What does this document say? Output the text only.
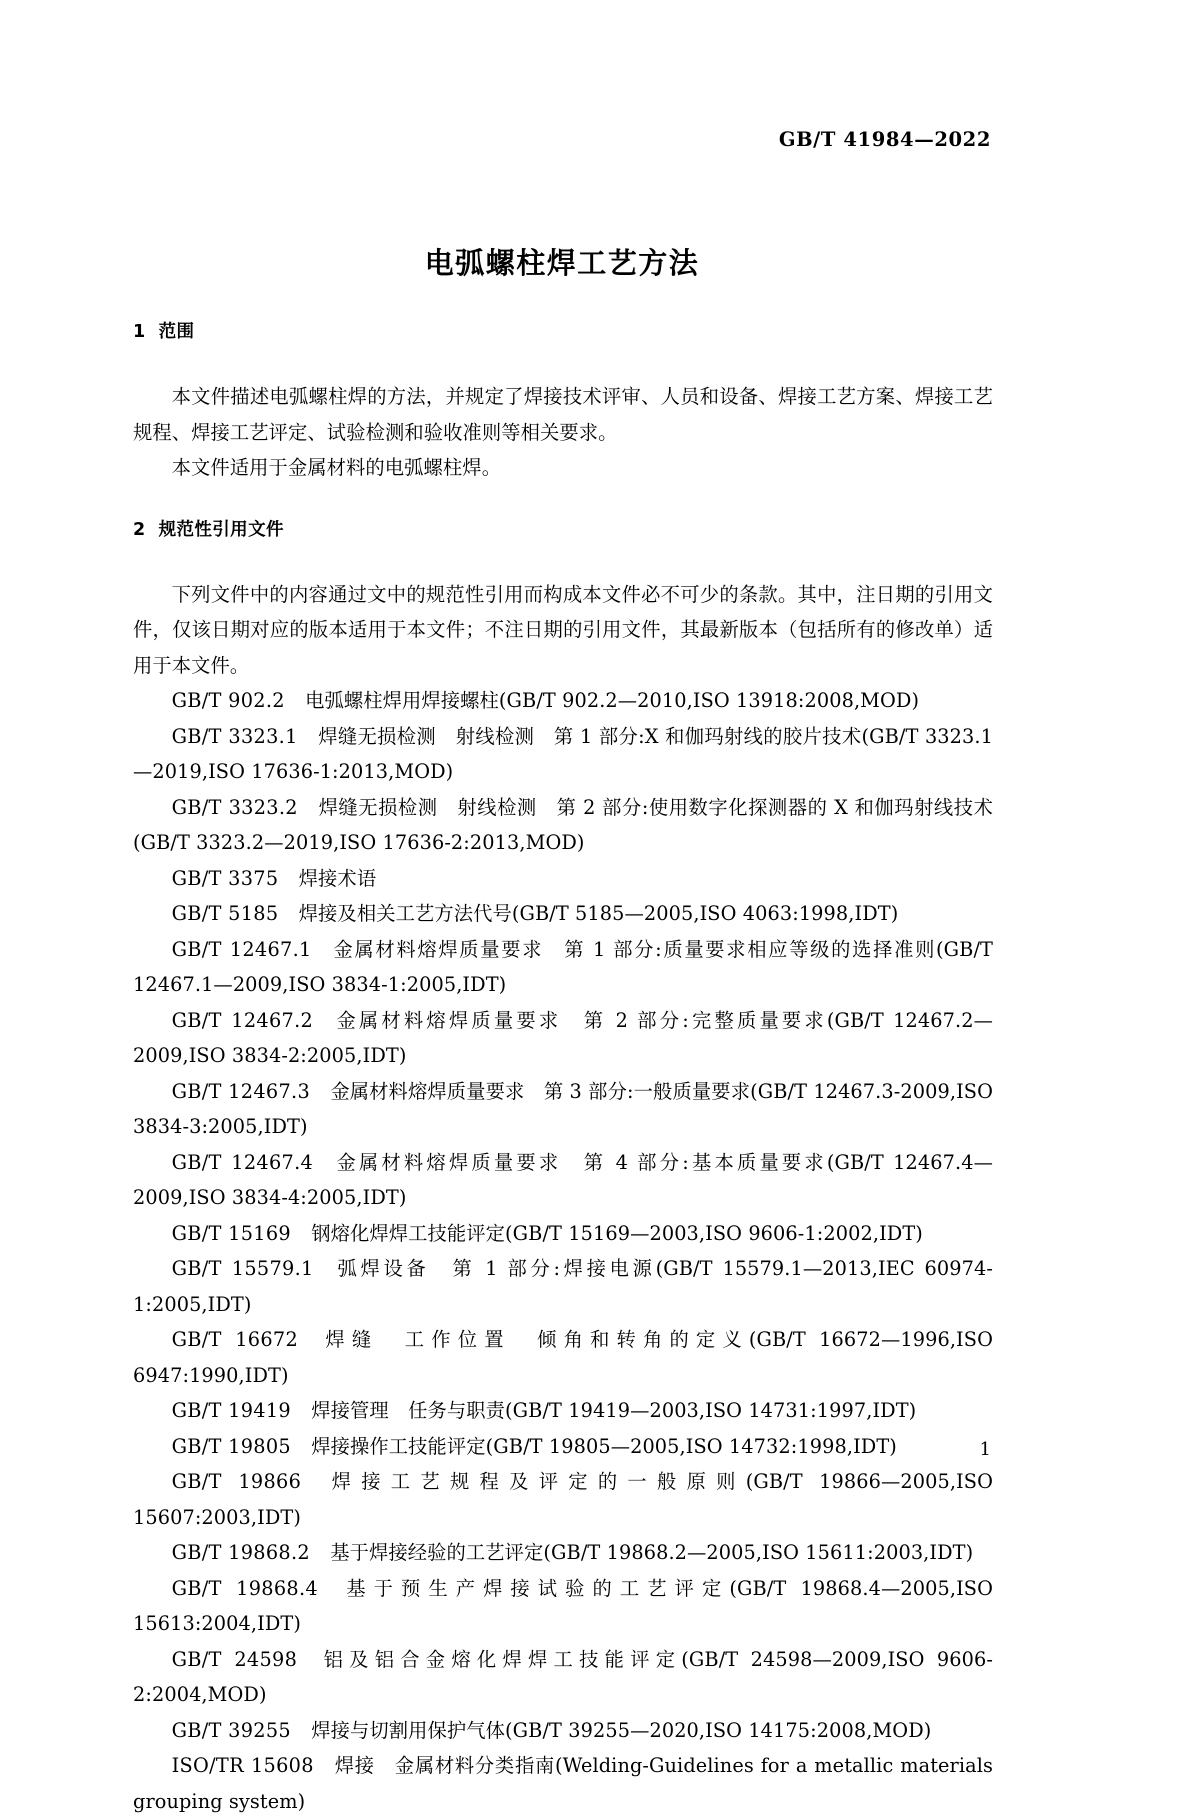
GB/T 41984—2022
电弧螺柱焊工艺方法
1 范围

本文件描述电弧螺柱焊的方法，并规定了焊接技术评审、人员和设备、焊接工艺方案、焊接工艺规程、焊接工艺评定、试验检测和验收准则等相关要求。

本文件适用于金属材料的电弧螺柱焊。

2 规范性引用文件

下列文件中的内容通过文中的规范性引用而构成本文件必不可少的条款。其中，注日期的引用文件，仅该日期对应的版本适用于本文件；不注日期的引用文件，其最新版本（包括所有的修改单）适用于本文件。

GB/T 902.2 电弧螺柱焊用焊接螺柱(GB/T 902.2—2010,ISO 13918:2008,MOD)

GB/T 3323.1 焊缝无损检测　射线检测　第 1 部分:X 和伽玛射线的胶片技术(GB/T 3323.1—2019,ISO 17636-1:2013,MOD)

GB/T 3323.2 焊缝无损检测　射线检测　第 2 部分:使用数字化探测器的 X 和伽玛射线技术(GB/T 3323.2—2019,ISO 17636-2:2013,MOD)

GB/T 3375 焊接术语

GB/T 5185 焊接及相关工艺方法代号(GB/T 5185—2005,ISO 4063:1998,IDT)

GB/T 12467.1 金属材料熔焊质量要求　第 1 部分:质量要求相应等级的选择准则(GB/T 12467.1—2009,ISO 3834-1:2005,IDT)

GB/T 12467.2 金属材料熔焊质量要求　第 2 部分:完整质量要求(GB/T 12467.2—2009,ISO 3834-2:2005,IDT)

GB/T 12467.3 金属材料熔焊质量要求　第 3 部分:一般质量要求(GB/T 12467.3-2009,ISO 3834-3:2005,IDT)

GB/T 12467.4 金属材料熔焊质量要求　第 4 部分:基本质量要求(GB/T 12467.4—2009,ISO 3834-4:2005,IDT)

GB/T 15169 钢熔化焊焊工技能评定(GB/T 15169—2003,ISO 9606-1:2002,IDT)

GB/T 15579.1 弧焊设备　第 1 部分:焊接电源(GB/T 15579.1—2013,IEC 60974-1:2005,IDT)

GB/T 16672 焊缝　工作位置　倾角和转角的定义(GB/T 16672—1996,ISO 6947:1990,IDT)

GB/T 19419 焊接管理　任务与职责(GB/T 19419—2003,ISO 14731:1997,IDT)

GB/T 19805 焊接操作工技能评定(GB/T 19805—2005,ISO 14732:1998,IDT)

GB/T 19866 焊接工艺规程及评定的一般原则(GB/T 19866—2005,ISO 15607:2003,IDT)

GB/T 19868.2 基于焊接经验的工艺评定(GB/T 19868.2—2005,ISO 15611:2003,IDT)

GB/T 19868.4 基于预生产焊接试验的工艺评定(GB/T 19868.4—2005,ISO 15613:2004,IDT)

GB/T 24598 铝及铝合金熔化焊焊工技能评定(GB/T 24598—2009,ISO 9606-2:2004,MOD)

GB/T 39255 焊接与切割用保护气体(GB/T 39255—2020,ISO 14175:2008,MOD)

ISO/TR 15608 焊接　金属材料分类指南(Welding-Guidelines for a metallic materials grouping system)

1
